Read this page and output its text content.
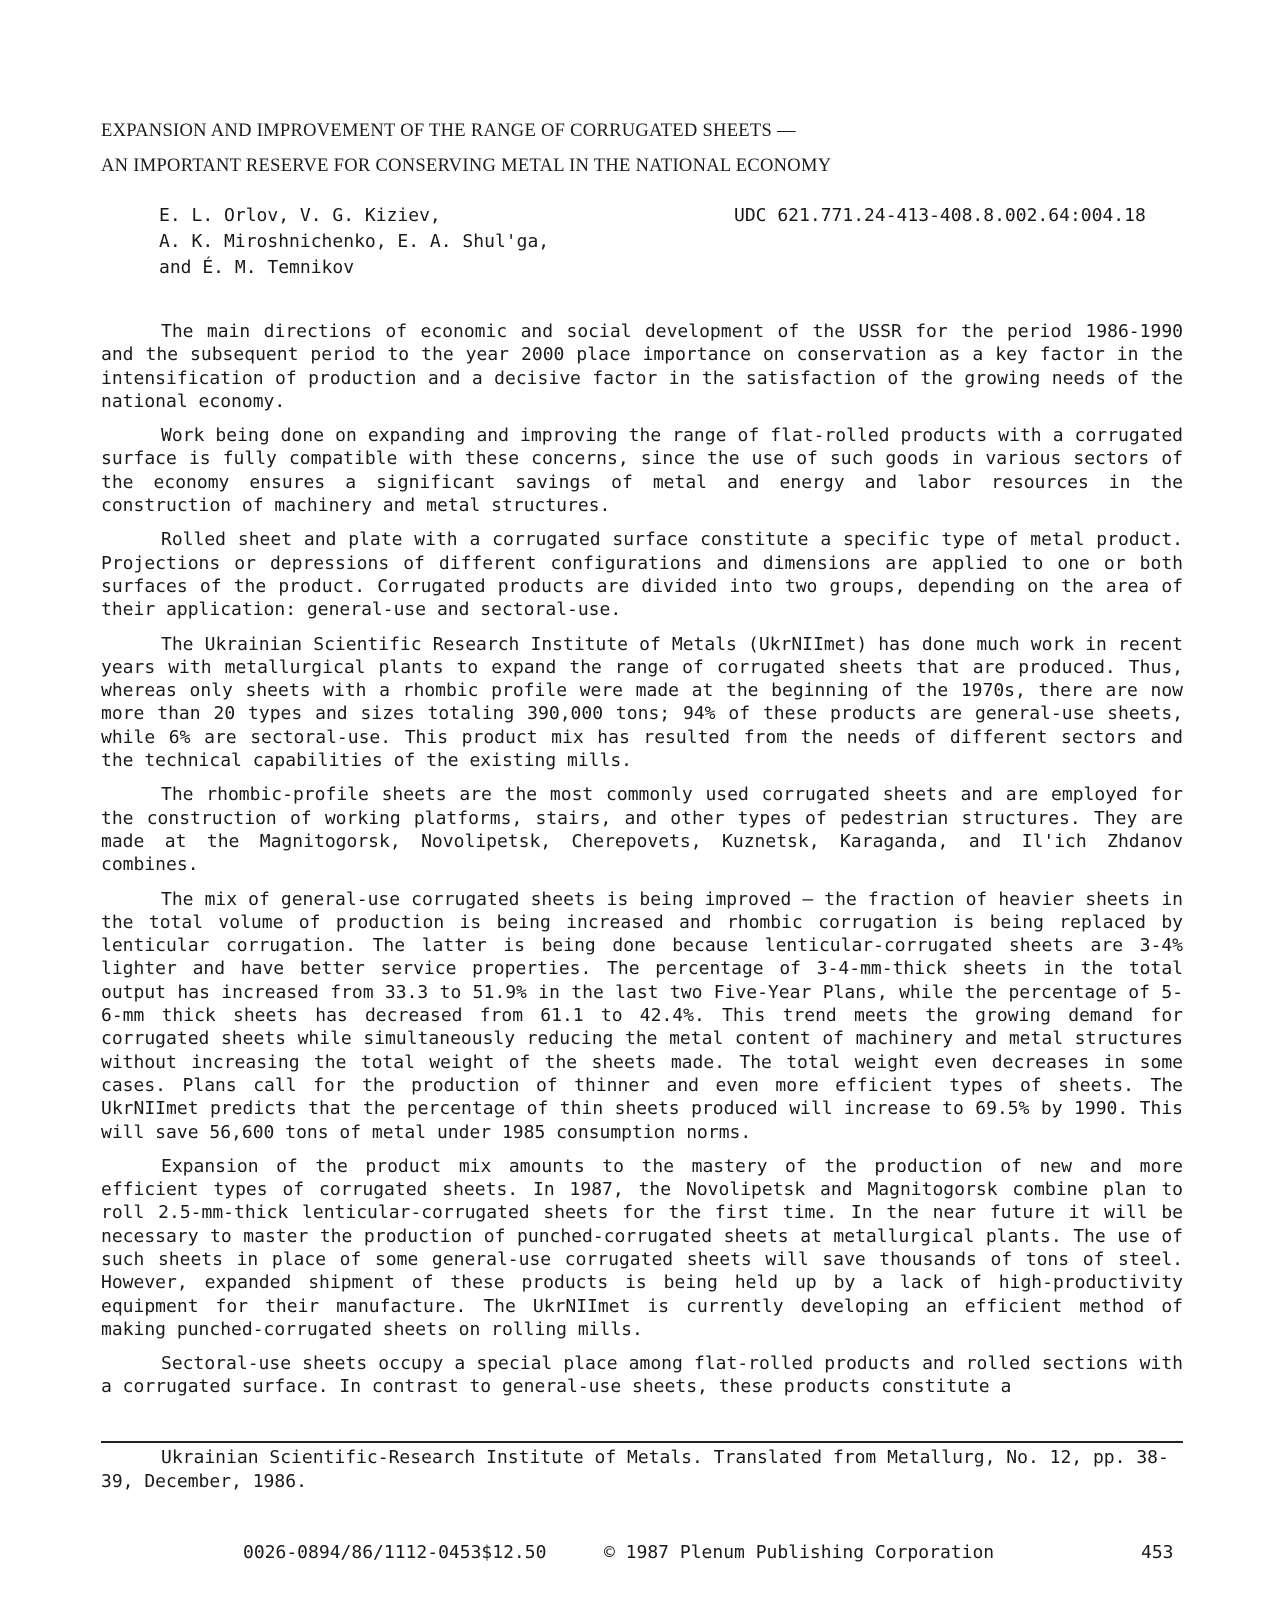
EXPANSION AND IMPROVEMENT OF THE RANGE OF CORRUGATED SHEETS —
AN IMPORTANT RESERVE FOR CONSERVING METAL IN THE NATIONAL ECONOMY
E. L. Orlov, V. G. Kiziev,
A. K. Miroshnichenko, E. A. Shul'ga,
and É. M. Temnikov
UDC 621.771.24-413-408.8.002.64:004.18

The main directions of economic and social development of the USSR for the period 1986-1990 and the subsequent period to the year 2000 place importance on conservation as a key factor in the intensification of production and a decisive factor in the satisfaction of the growing needs of the national economy.

Work being done on expanding and improving the range of flat-rolled products with a corrugated surface is fully compatible with these concerns, since the use of such goods in various sectors of the economy ensures a significant savings of metal and energy and labor resources in the construction of machinery and metal structures.

Rolled sheet and plate with a corrugated surface constitute a specific type of metal product. Projections or depressions of different configurations and dimensions are applied to one or both surfaces of the product. Corrugated products are divided into two groups, depending on the area of their application: general-use and sectoral-use.

The Ukrainian Scientific Research Institute of Metals (UkrNIImet) has done much work in recent years with metallurgical plants to expand the range of corrugated sheets that are produced. Thus, whereas only sheets with a rhombic profile were made at the beginning of the 1970s, there are now more than 20 types and sizes totaling 390,000 tons; 94% of these products are general-use sheets, while 6% are sectoral-use. This product mix has resulted from the needs of different sectors and the technical capabilities of the existing mills.

The rhombic-profile sheets are the most commonly used corrugated sheets and are employed for the construction of working platforms, stairs, and other types of pedestrian structures. They are made at the Magnitogorsk, Novolipetsk, Cherepovets, Kuznetsk, Karaganda, and Il'ich Zhdanov combines.

The mix of general-use corrugated sheets is being improved — the fraction of heavier sheets in the total volume of production is being increased and rhombic corrugation is being replaced by lenticular corrugation. The latter is being done because lenticular-corrugated sheets are 3-4% lighter and have better service properties. The percentage of 3-4-mm-thick sheets in the total output has increased from 33.3 to 51.9% in the last two Five-Year Plans, while the percentage of 5-6-mm thick sheets has decreased from 61.1 to 42.4%. This trend meets the growing demand for corrugated sheets while simultaneously reducing the metal content of machinery and metal structures without increasing the total weight of the sheets made. The total weight even decreases in some cases. Plans call for the production of thinner and even more efficient types of sheets. The UkrNIImet predicts that the percentage of thin sheets produced will increase to 69.5% by 1990. This will save 56,600 tons of metal under 1985 consumption norms.

Expansion of the product mix amounts to the mastery of the production of new and more efficient types of corrugated sheets. In 1987, the Novolipetsk and Magnitogorsk combine plan to roll 2.5-mm-thick lenticular-corrugated sheets for the first time. In the near future it will be necessary to master the production of punched-corrugated sheets at metallurgical plants. The use of such sheets in place of some general-use corrugated sheets will save thousands of tons of steel. However, expanded shipment of these products is being held up by a lack of high-productivity equipment for their manufacture. The UkrNIImet is currently developing an efficient method of making punched-corrugated sheets on rolling mills.

Sectoral-use sheets occupy a special place among flat-rolled products and rolled sections with a corrugated surface. In contrast to general-use sheets, these products constitute a

Ukrainian Scientific-Research Institute of Metals. Translated from Metallurg, No. 12, pp. 38-39, December, 1986.
0026-0894/86/1112-0453$12.50	© 1987 Plenum Publishing Corporation	453
